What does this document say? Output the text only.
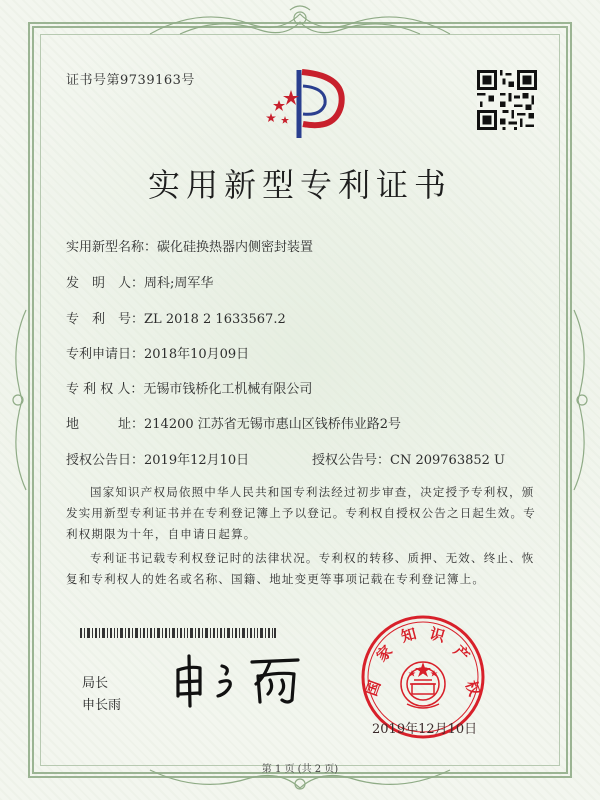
证书号第9739163号
实用新型专利证书
实用新型名称：碳化硅换热器内侧密封装置
发　明　人：周科;周军华
专　利　号：ZL 2018 2 1633567.2
专利申请日：2018年10月09日
专 利 权 人：无锡市钱桥化工机械有限公司
地　　　址：214200 江苏省无锡市惠山区钱桥伟业路2号
授权公告日：2019年12月10日	授权公告号：CN 209763852 U
国家知识产权局依照中华人民共和国专利法经过初步审查，决定授予专利权，颁发实用新型专利证书并在专利登记簿上予以登记。专利权自授权公告之日起生效。专利权期限为十年，自申请日起算。
专利证书记载专利权登记时的法律状况。专利权的转移、质押、无效、终止、恢复和专利权人的姓名或名称、国籍、地址变更等事项记载在专利登记簿上。
局长
申长雨
国
家
知 识
产
权
2019年12月10日
第 1 页 (共 2 页)
